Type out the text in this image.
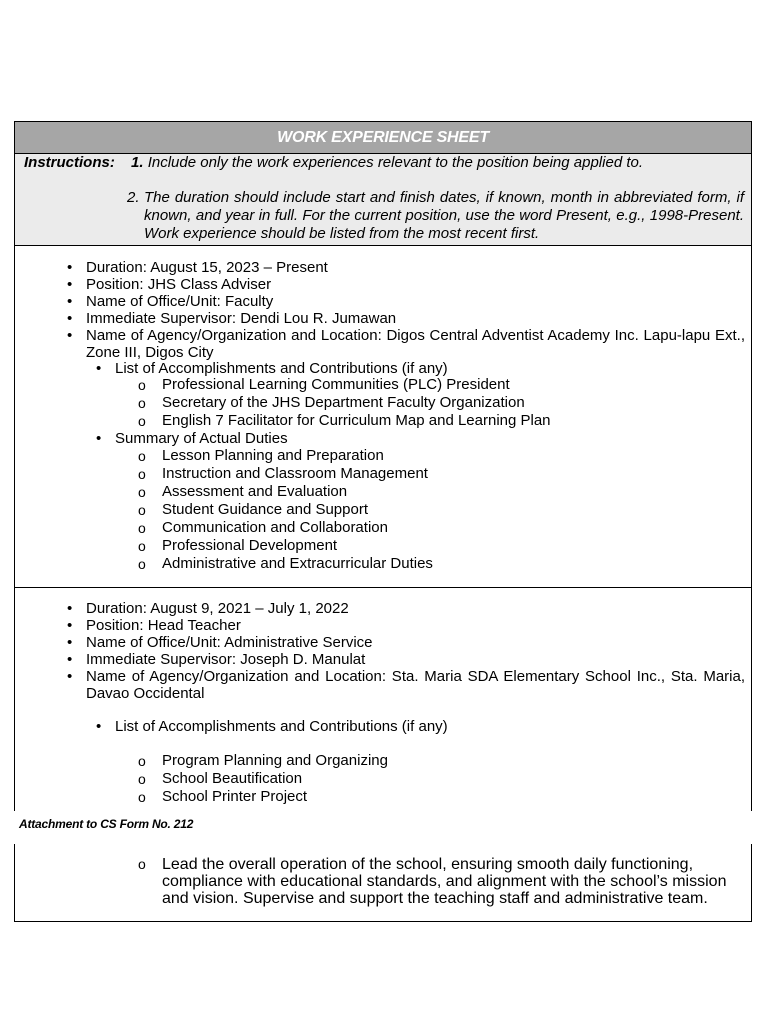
WORK EXPERIENCE SHEET
Instructions: 1. Include only the work experiences relevant to the position being applied to.
2. The duration should include start and finish dates, if known, month in abbreviated form, if known, and year in full. For the current position, use the word Present, e.g., 1998-Present. Work experience should be listed from the most recent first.
• Duration: August 15, 2023 – Present
• Position: JHS Class Adviser
• Name of Office/Unit: Faculty
• Immediate Supervisor: Dendi Lou R. Jumawan
• Name of Agency/Organization and Location: Digos Central Adventist Academy Inc. Lapu-lapu Ext., Zone III, Digos City
• List of Accomplishments and Contributions (if any)
o Professional Learning Communities (PLC) President
o Secretary of the JHS Department Faculty Organization
o English 7 Facilitator for Curriculum Map and Learning Plan
• Summary of Actual Duties
o Lesson Planning and Preparation
o Instruction and Classroom Management
o Assessment and Evaluation
o Student Guidance and Support
o Communication and Collaboration
o Professional Development
o Administrative and Extracurricular Duties
• Duration: August 9, 2021 – July 1, 2022
• Position: Head Teacher
• Name of Office/Unit: Administrative Service
• Immediate Supervisor: Joseph D. Manulat
• Name of Agency/Organization and Location: Sta. Maria SDA Elementary School Inc., Sta. Maria, Davao Occidental
• List of Accomplishments and Contributions (if any)
o Program Planning and Organizing
o School Beautification
o School Printer Project
Attachment to CS Form No. 212
o Lead the overall operation of the school, ensuring smooth daily functioning, compliance with educational standards, and alignment with the school’s mission and vision. Supervise and support the teaching staff and administrative team.
